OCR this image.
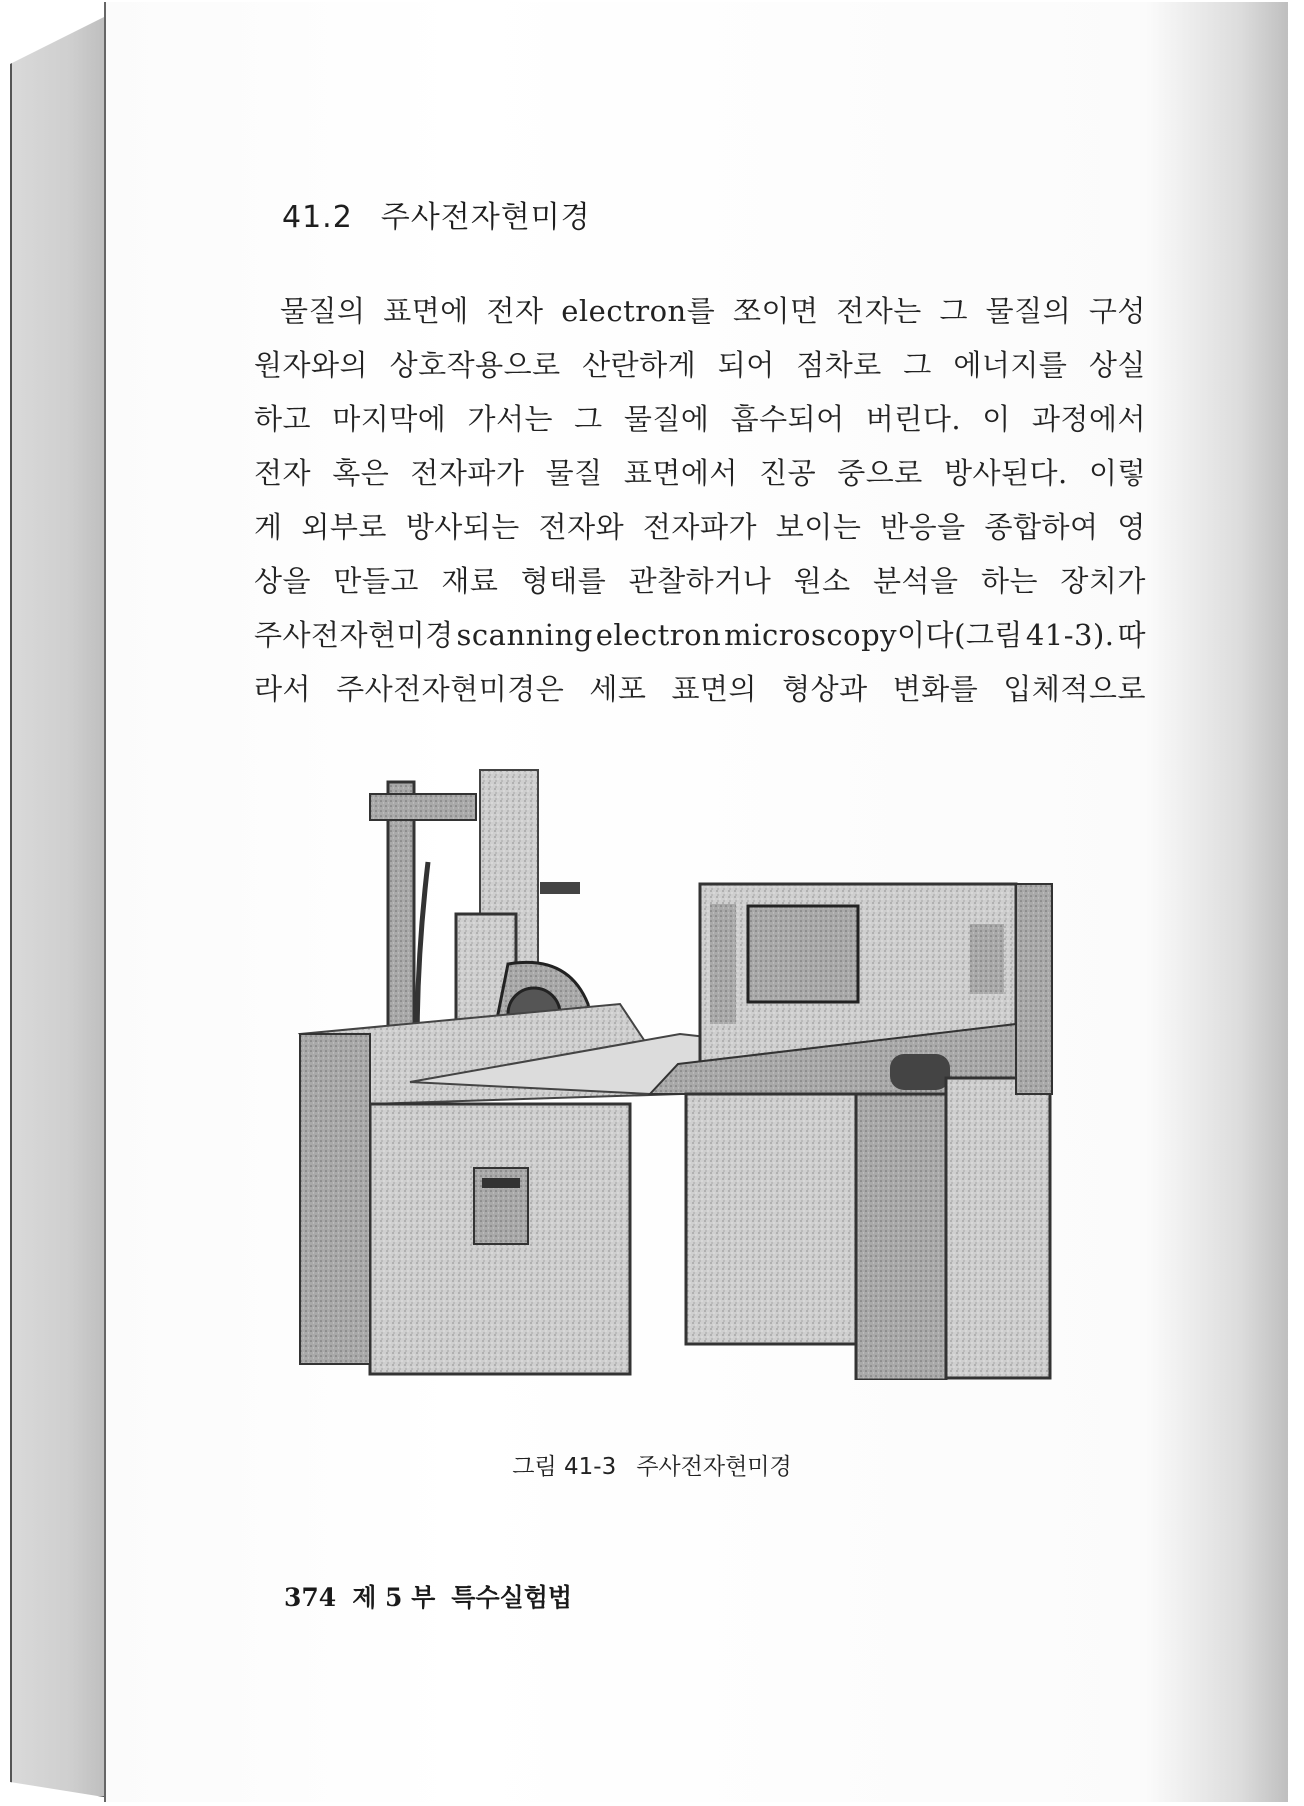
41.2 주사전자현미경
물질의 표면에 전자 electron를 쪼이면 전자는 그 물질의 구성
원자와의 상호작용으로 산란하게 되어 점차로 그 에너지를 상실
하고 마지막에 가서는 그 물질에 흡수되어 버린다. 이 과정에서
전자 혹은 전자파가 물질 표면에서 진공 중으로 방사된다. 이렇
게 외부로 방사되는 전자와 전자파가 보이는 반응을 종합하여 영
상을 만들고 재료 형태를 관찰하거나 원소 분석을 하는 장치가
주사전자현미경 scanning electron microscopy이다(그림 41-3). 따
라서 주사전자현미경은 세포 표면의 형상과 변화를 입체적으로
그림 41-3 주사전자현미경
374 제 5 부 특수실험법
